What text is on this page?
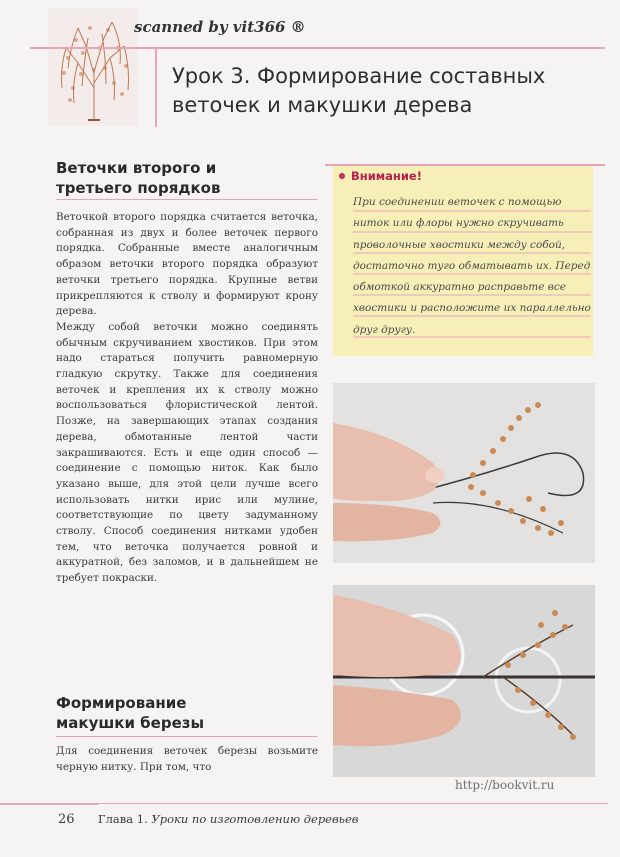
scanned by vit366 ®
Урок 3. Формирование составных веточек и макушки дерева
Веточки второго и третьего порядков

Веточкой второго порядка считается веточка, собранная из двух и более веточек первого порядка. Собранные вместе аналогичным образом веточки второго порядка образуют веточки третьего порядка. Крупные ветви прикрепляются к стволу и формируют крону дерева.

Между собой веточки можно соединять обычным скручиванием хвостиков. При этом надо стараться получить равномерную гладкую скрутку. Также для соединения веточек и крепления их к стволу можно воспользоваться флористической лентой. Позже, на завершающих этапах создания дерева, обмотанные лентой части закрашиваются. Есть и еще один способ — соединение с помощью ниток. Как было указано выше, для этой цели лучше всего использовать нитки ирис или мулине, соответствующие по цвету задуманному стволу. Способ соединения нитками удобен тем, что веточка получается ровной и аккуратной, без заломов, и в дальнейшем не требует покраски.

Формирование макушки березы

Для соединения веточек березы возьмите черную нитку. При том, что

Внимание!

При соединении веточек с помощью ниток или флоры нужно скручивать проволочные хвостики между собой, достаточно туго обматывать их. Перед обмоткой аккуратно расправьте все хвостики и расположите их параллельно друг другу.

http://bookvit.ru
26 Глава 1. Уроки по изготовлению деревьев
